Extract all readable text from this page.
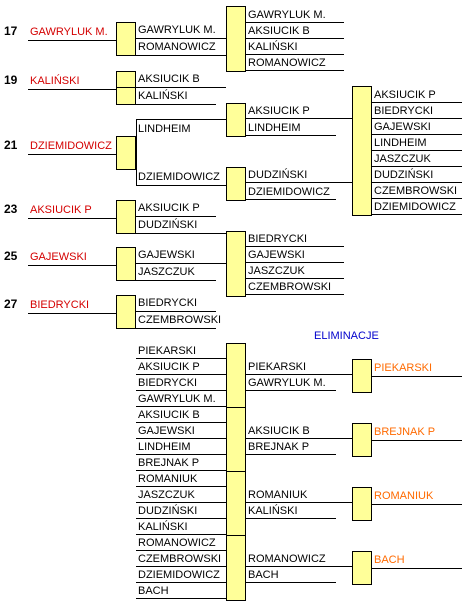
17 GAWRYLUK M.
19 KALIŃSKI
21 DZIEMIDOWICZ
23 AKSIUCIK P
25 GAJEWSKI
27 BIEDRYCKI
GAWRYLUK M.
ROMANOWICZ
AKSIUCIK B
KALIŃSKI
LINDHEIM
DZIEMIDOWICZ
AKSIUCIK P
DUDZIŃSKI
GAJEWSKI
JASZCZUK
BIEDRYCKI
CZEMBROWSKI
GAWRYLUK M.
AKSIUCIK B
KALIŃSKI
ROMANOWICZ
AKSIUCIK P
LINDHEIM
DUDZIŃSKI
DZIEMIDOWICZ
BIEDRYCKI
GAJEWSKI
JASZCZUK
CZEMBROWSKI
AKSIUCIK P
BIEDRYCKI
GAJEWSKI
LINDHEIM
JASZCZUK
DUDZIŃSKI
CZEMBROWSKI
DZIEMIDOWICZ
ELIMINACJE
PIEKARSKI
AKSIUCIK P
BIEDRYCKI
GAWRYLUK M.
AKSIUCIK B
GAJEWSKI
LINDHEIM
BREJNAK P
ROMANIUK
JASZCZUK
DUDZIŃSKI
KALIŃSKI
ROMANOWICZ
CZEMBROWSKI
DZIEMIDOWICZ
BACH
PIEKARSKI
GAWRYLUK M.
AKSIUCIK B
BREJNAK P
ROMANIUK
KALIŃSKI
ROMANOWICZ
BACH
PIEKARSKI
BREJNAK P
ROMANIUK
BACH
